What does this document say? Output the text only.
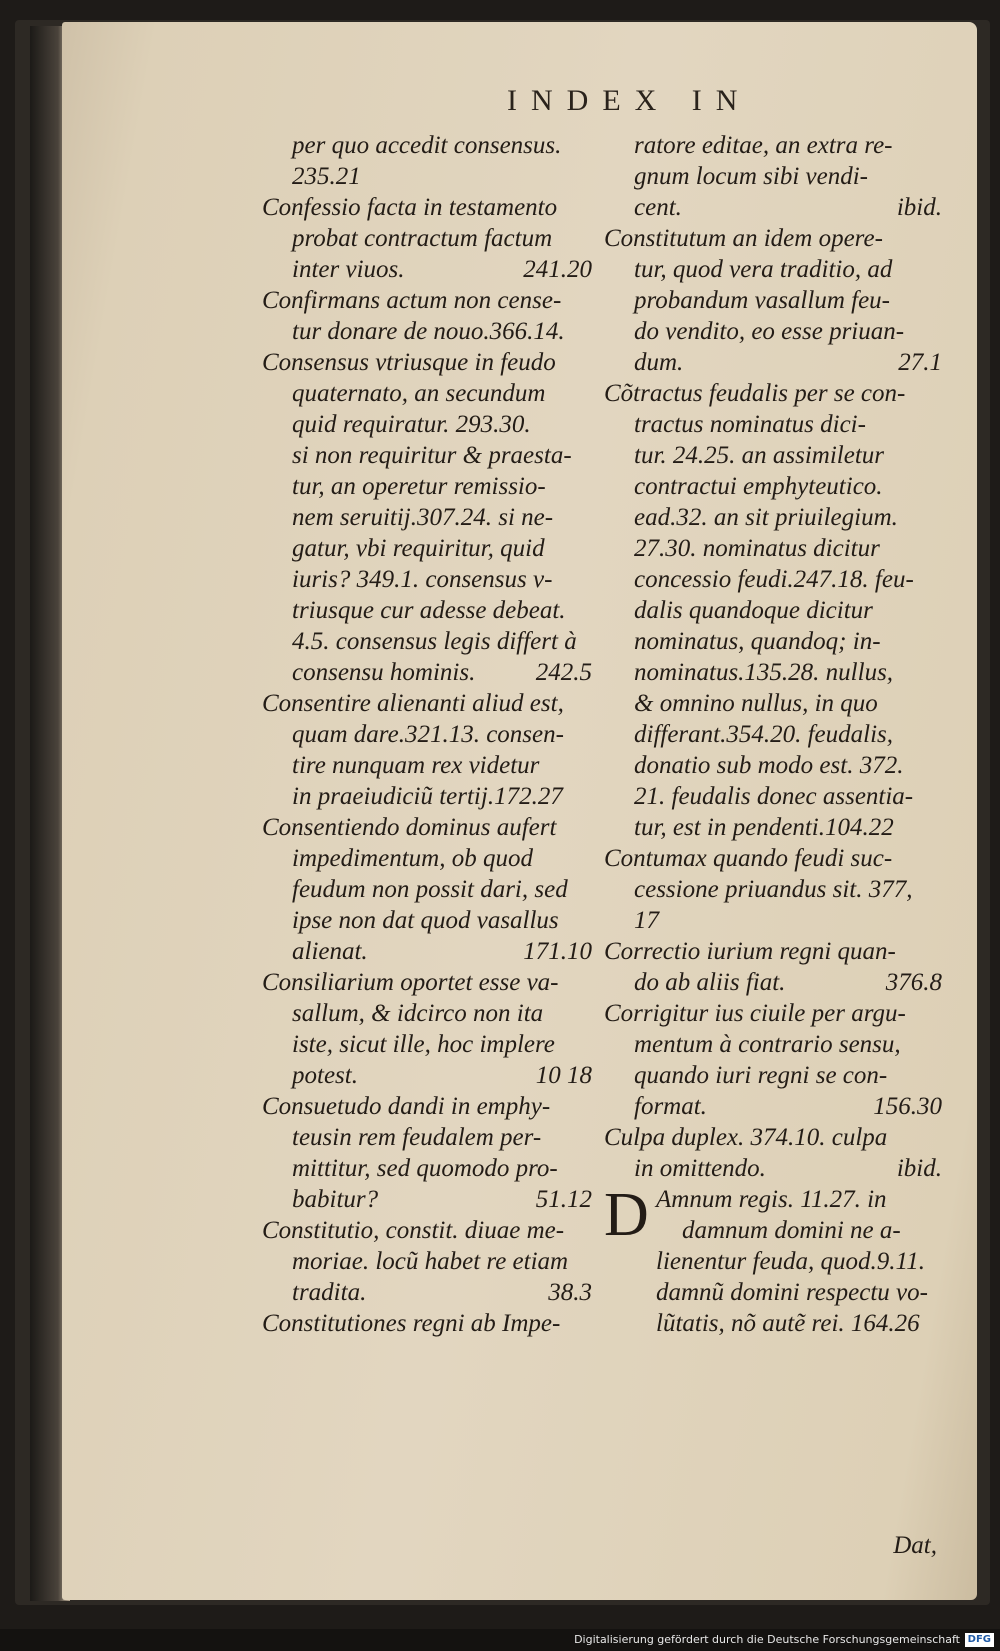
INDEX IN
per quo accedit consensus.
235.21
Confessio facta in testamento
probat contractum factum
inter viuos.	241.20
Confirmans actum non cense-
tur donare de nouo.366.14.
Consensus vtriusque in feudo
quaternato, an secundum
quid requiratur. 293.30.
si non requiritur & praesta-
tur, an operetur remissio-
nem seruitij.307.24. si ne-
gatur, vbi requiritur, quid
iuris? 349.1. consensus v-
triusque cur adesse debeat.
4.5. consensus legis differt à
consensu hominis. 242.5
Consentire alienanti aliud est,
quam dare.321.13. consen-
tire nunquam rex videtur
in praeiudiciũ tertij.172.27
Consentiendo dominus aufert
impedimentum, ob quod
feudum non possit dari, sed
ipse non dat quod vasallus
alienat.	171.10
Consiliarium oportet esse va-
sallum, & idcirco non ita
iste, sicut ille, hoc implere
potest.	10 18
Consuetudo dandi in emphy-
teusin rem feudalem per-
mittitur, sed quomodo pro-
babitur?	51.12
Constitutio, constit. diuae me-
moriae. locũ habet re etiam
tradita.	38.3
Constitutiones regni ab Impe-
ratore editae, an extra re-
gnum locum sibi vendi-
cent.	ibid.
Constitutum an idem opere-
tur, quod vera traditio, ad
probandum vasallum feu-
do vendito, eo esse priuan-
dum.	27.1
Cõtractus feudalis per se con-
tractus nominatus dici-
tur. 24.25. an assimiletur
contractui emphyteutico.
ead.32. an sit priuilegium.
27.30. nominatus dicitur
concessio feudi.247.18. feu-
dalis quandoque dicitur
nominatus, quandoq; in-
nominatus.135.28. nullus,
& omnino nullus, in quo
differant.354.20. feudalis,
donatio sub modo est. 372.
21. feudalis donec assentia-
tur, est in pendenti.104.22
Contumax quando feudi suc-
cessione priuandus sit. 377,
17
Correctio iurium regni quan-
do ab aliis fiat.	376.8
Corrigitur ius ciuile per argu-
mentum à contrario sensu,
quando iuri regni se con-
format.	156.30
Culpa duplex. 374.10. culpa
in omittendo.	ibid.
D Amnum regis. 11.27. in
damnum domini ne a-
lienentur feuda, quod.9.11.
damnũ domini respectu vo-
lũtatis, nõ autẽ rei. 164.26
Dat,
Digitalisierung gefördert durch die Deutsche Forschungsgemeinschaft DFG
